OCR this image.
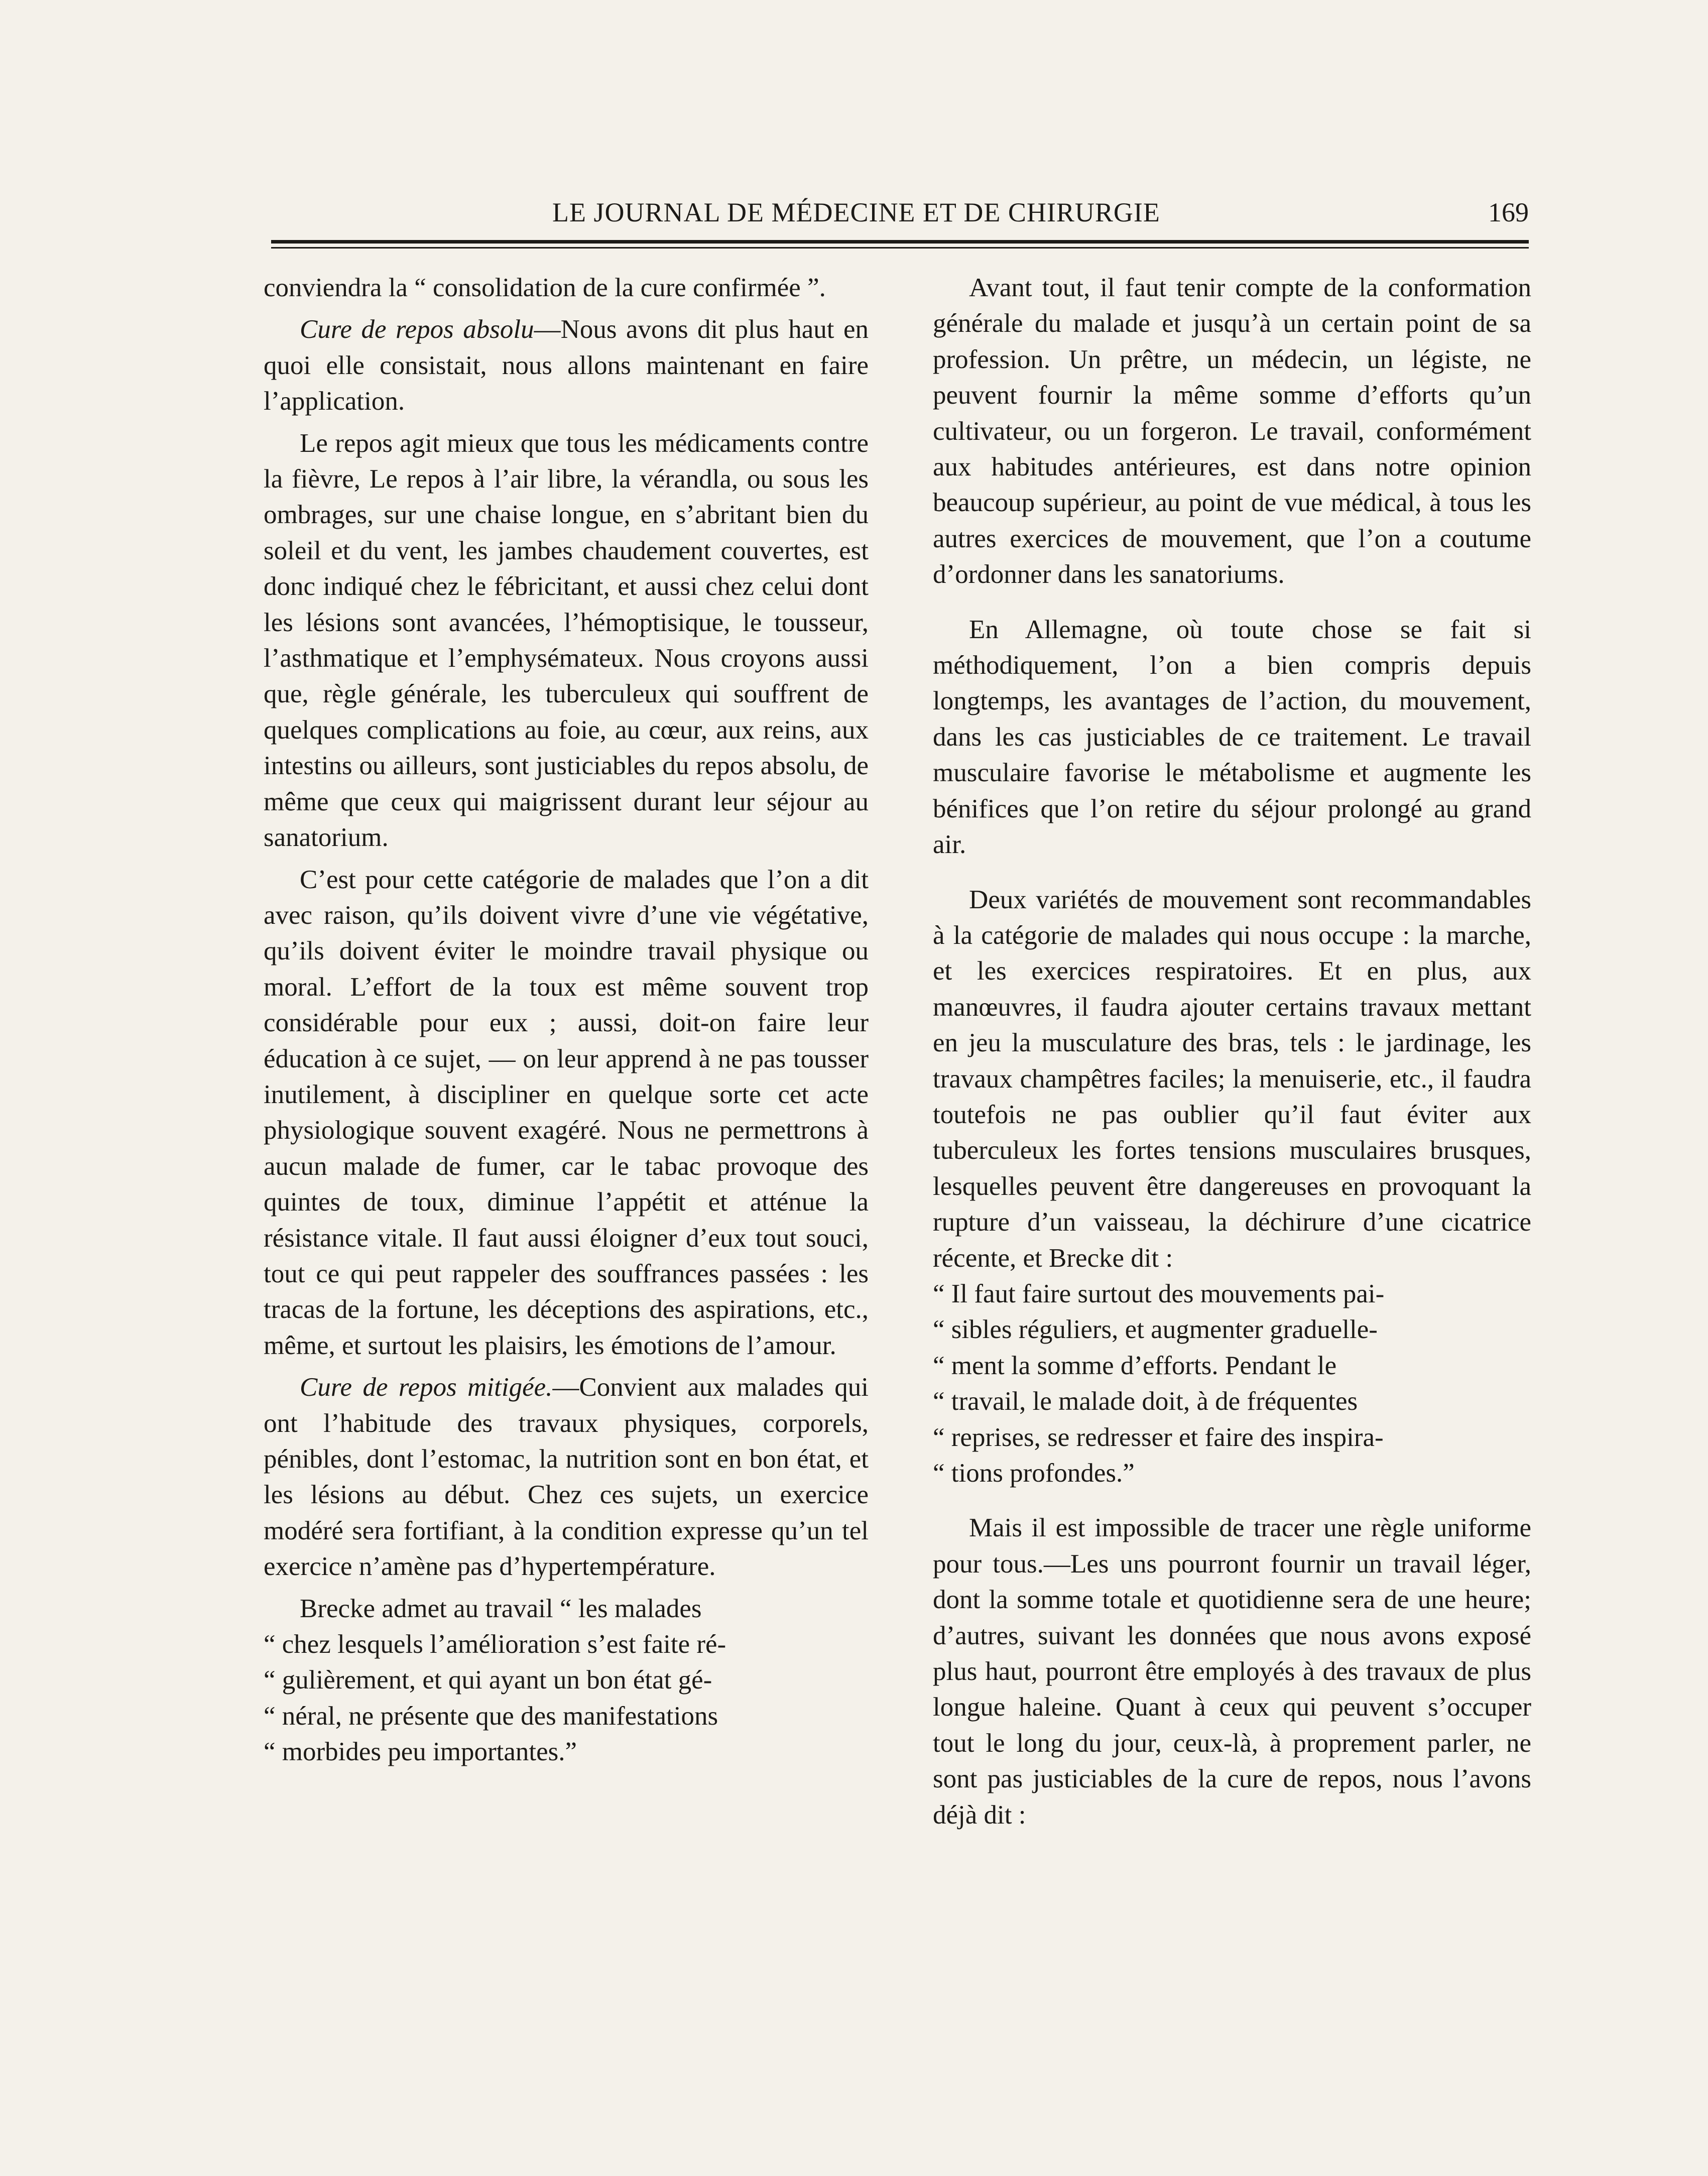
LE JOURNAL DE MÉDECINE ET DE CHIRURGIE	169

conviendra la “ consolidation de la cure confirmée ”.

Cure de repos absolu—Nous avons dit plus haut en quoi elle consistait, nous allons maintenant en faire l’application.

Le repos agit mieux que tous les médicaments contre la fièvre, Le repos à l’air libre, la vérandla, ou sous les ombrages, sur une chaise longue, en s’abritant bien du soleil et du vent, les jambes chaudement couvertes, est donc indiqué chez le fébricitant, et aussi chez celui dont les lésions sont avancées, l’hémoptisique, le tousseur, l’asthmatique et l’emphysémateux. Nous croyons aussi que, règle générale, les tuberculeux qui souffrent de quelques complications au foie, au cœur, aux reins, aux intestins ou ailleurs, sont justiciables du repos absolu, de même que ceux qui maigrissent durant leur séjour au sanatorium.

C’est pour cette catégorie de malades que l’on a dit avec raison, qu’ils doivent vivre d’une vie végétative, qu’ils doivent éviter le moindre travail physique ou moral. L’effort de la toux est même souvent trop considérable pour eux ; aussi, doit-on faire leur éducation à ce sujet, — on leur apprend à ne pas tousser inutilement, à discipliner en quelque sorte cet acte physiologique souvent exagéré. Nous ne permettrons à aucun malade de fumer, car le tabac provoque des quintes de toux, diminue l’appétit et atténue la résistance vitale. Il faut aussi éloigner d’eux tout souci, tout ce qui peut rappeler des souffrances passées : les tracas de la fortune, les déceptions des aspirations, etc., même, et surtout les plaisirs, les émotions de l’amour.

Cure de repos mitigée.—Convient aux malades qui ont l’habitude des travaux physiques, corporels, pénibles, dont l’estomac, la nutrition sont en bon état, et les lésions au début. Chez ces sujets, un exercice modéré sera fortifiant, à la condition expresse qu’un tel exercice n’amène pas d’hypertempérature.

Brecke admet au travail “ les malades
“ chez lesquels l’amélioration s’est faite ré-
“ gulièrement, et qui ayant un bon état gé-
“ néral, ne présente que des manifestations
“ morbides peu importantes.”

Avant tout, il faut tenir compte de la conformation générale du malade et jusqu’à un certain point de sa profession. Un prêtre, un médecin, un légiste, ne peuvent fournir la même somme d’efforts qu’un cultivateur, ou un forgeron. Le travail, conformément aux habitudes antérieures, est dans notre opinion beaucoup supérieur, au point de vue médical, à tous les autres exercices de mouvement, que l’on a coutume d’ordonner dans les sanatoriums.

En Allemagne, où toute chose se fait si méthodiquement, l’on a bien compris depuis longtemps, les avantages de l’action, du mouvement, dans les cas justiciables de ce traitement. Le travail musculaire favorise le métabolisme et augmente les bénifices que l’on retire du séjour prolongé au grand air.

Deux variétés de mouvement sont recommandables à la catégorie de malades qui nous occupe : la marche, et les exercices respiratoires. Et en plus, aux manœuvres, il faudra ajouter certains travaux mettant en jeu la musculature des bras, tels : le jardinage, les travaux champêtres faciles; la menuiserie, etc., il faudra toutefois ne pas oublier qu’il faut éviter aux tuberculeux les fortes tensions musculaires brusques, lesquelles peuvent être dangereuses en provoquant la rupture d’un vaisseau, la déchirure d’une cicatrice récente, et Brecke dit :

“ Il faut faire surtout des mouvements pai-
“ sibles réguliers, et augmenter graduelle-
“ ment la somme d’efforts. Pendant le
“ travail, le malade doit, à de fréquentes
“ reprises, se redresser et faire des inspira-
“ tions profondes.”

Mais il est impossible de tracer une règle uniforme pour tous.—Les uns pourront fournir un travail léger, dont la somme totale et quotidienne sera de une heure; d’autres, suivant les données que nous avons exposé plus haut, pourront être employés à des travaux de plus longue haleine. Quant à ceux qui peuvent s’occuper tout le long du jour, ceux-là, à proprement parler, ne sont pas justiciables de la cure de repos, nous l’avons déjà dit :
